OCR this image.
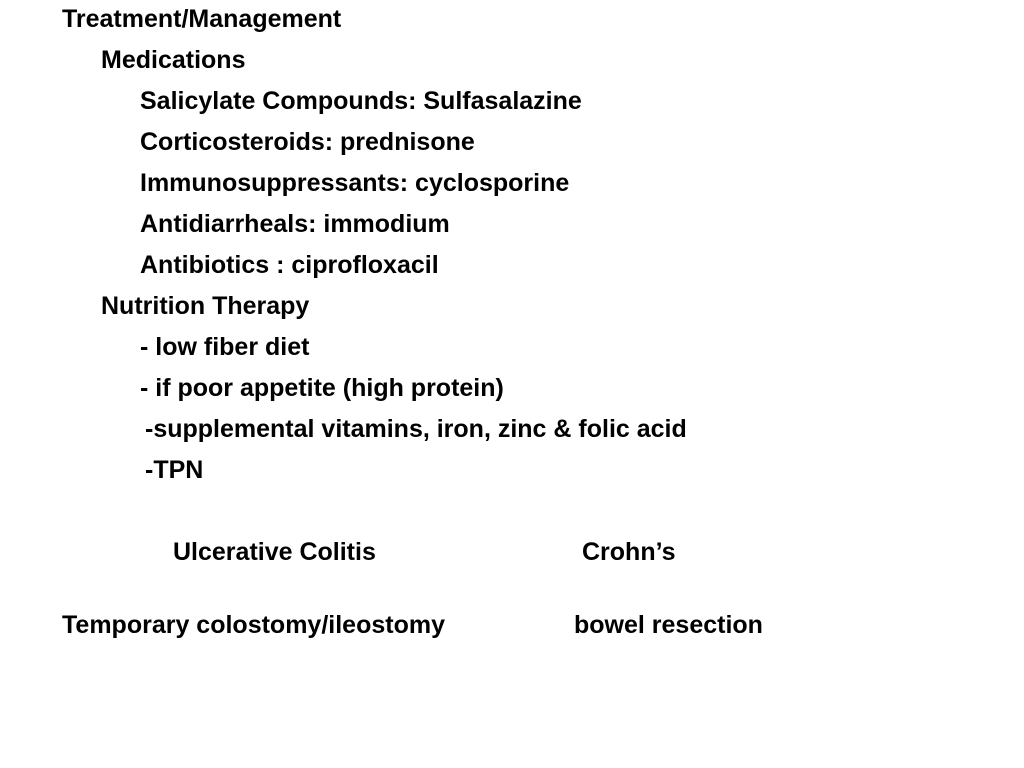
Treatment/Management
Medications
Salicylate Compounds: Sulfasalazine
Corticosteroids: prednisone
Immunosuppressants: cyclosporine
Antidiarrheals: immodium
Antibiotics : ciprofloxacil
Nutrition Therapy
- low fiber diet
- if poor appetite (high protein)
-supplemental vitamins, iron, zinc & folic acid
-TPN
Ulcerative Colitis	Crohn’s
Temporary colostomy/ileostomy	bowel resection
